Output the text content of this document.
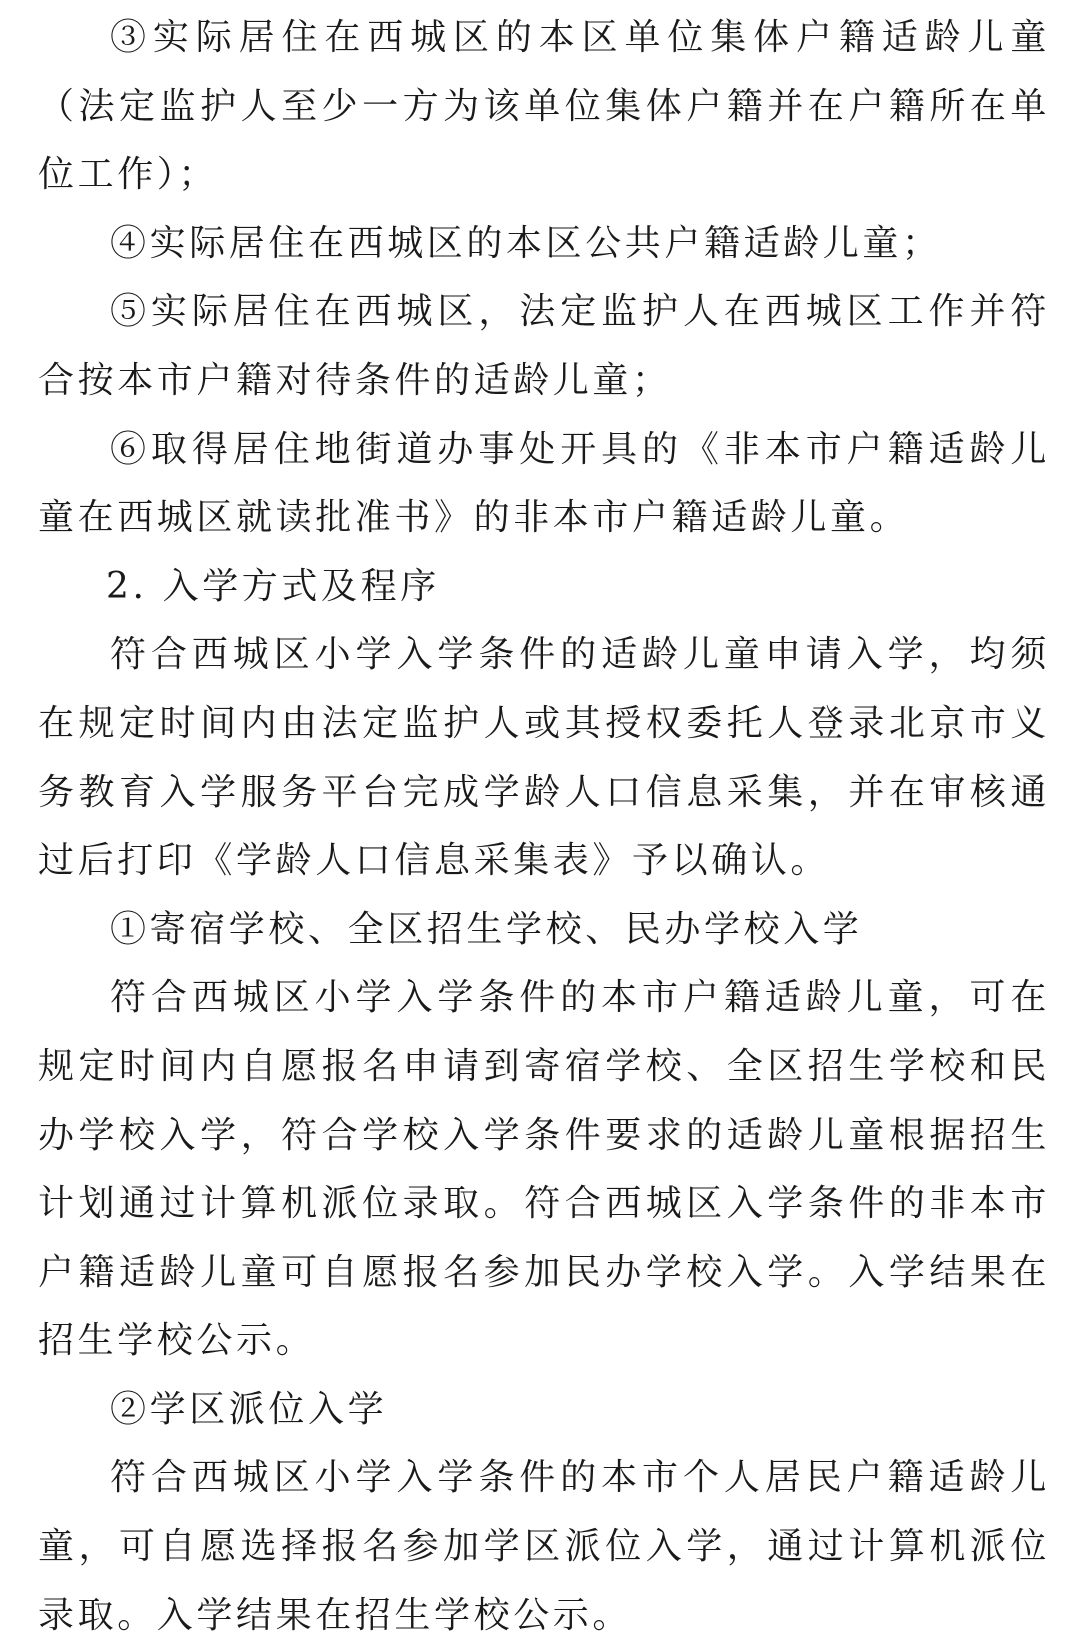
③实际居住在西城区的本区单位集体户籍适龄儿童（法定监护人至少一方为该单位集体户籍并在户籍所在单位工作）；

④实际居住在西城区的本区公共户籍适龄儿童；

⑤实际居住在西城区，法定监护人在西城区工作并符合按本市户籍对待条件的适龄儿童；

⑥取得居住地街道办事处开具的《非本市户籍适龄儿童在西城区就读批准书》的非本市户籍适龄儿童。

2. 入学方式及程序

符合西城区小学入学条件的适龄儿童申请入学，均须在规定时间内由法定监护人或其授权委托人登录北京市义务教育入学服务平台完成学龄人口信息采集，并在审核通过后打印《学龄人口信息采集表》予以确认。

①寄宿学校、全区招生学校、民办学校入学

符合西城区小学入学条件的本市户籍适龄儿童，可在规定时间内自愿报名申请到寄宿学校、全区招生学校和民办学校入学，符合学校入学条件要求的适龄儿童根据招生计划通过计算机派位录取。符合西城区入学条件的非本市户籍适龄儿童可自愿报名参加民办学校入学。入学结果在招生学校公示。

②学区派位入学

符合西城区小学入学条件的本市个人居民户籍适龄儿童，可自愿选择报名参加学区派位入学，通过计算机派位录取。入学结果在招生学校公示。
